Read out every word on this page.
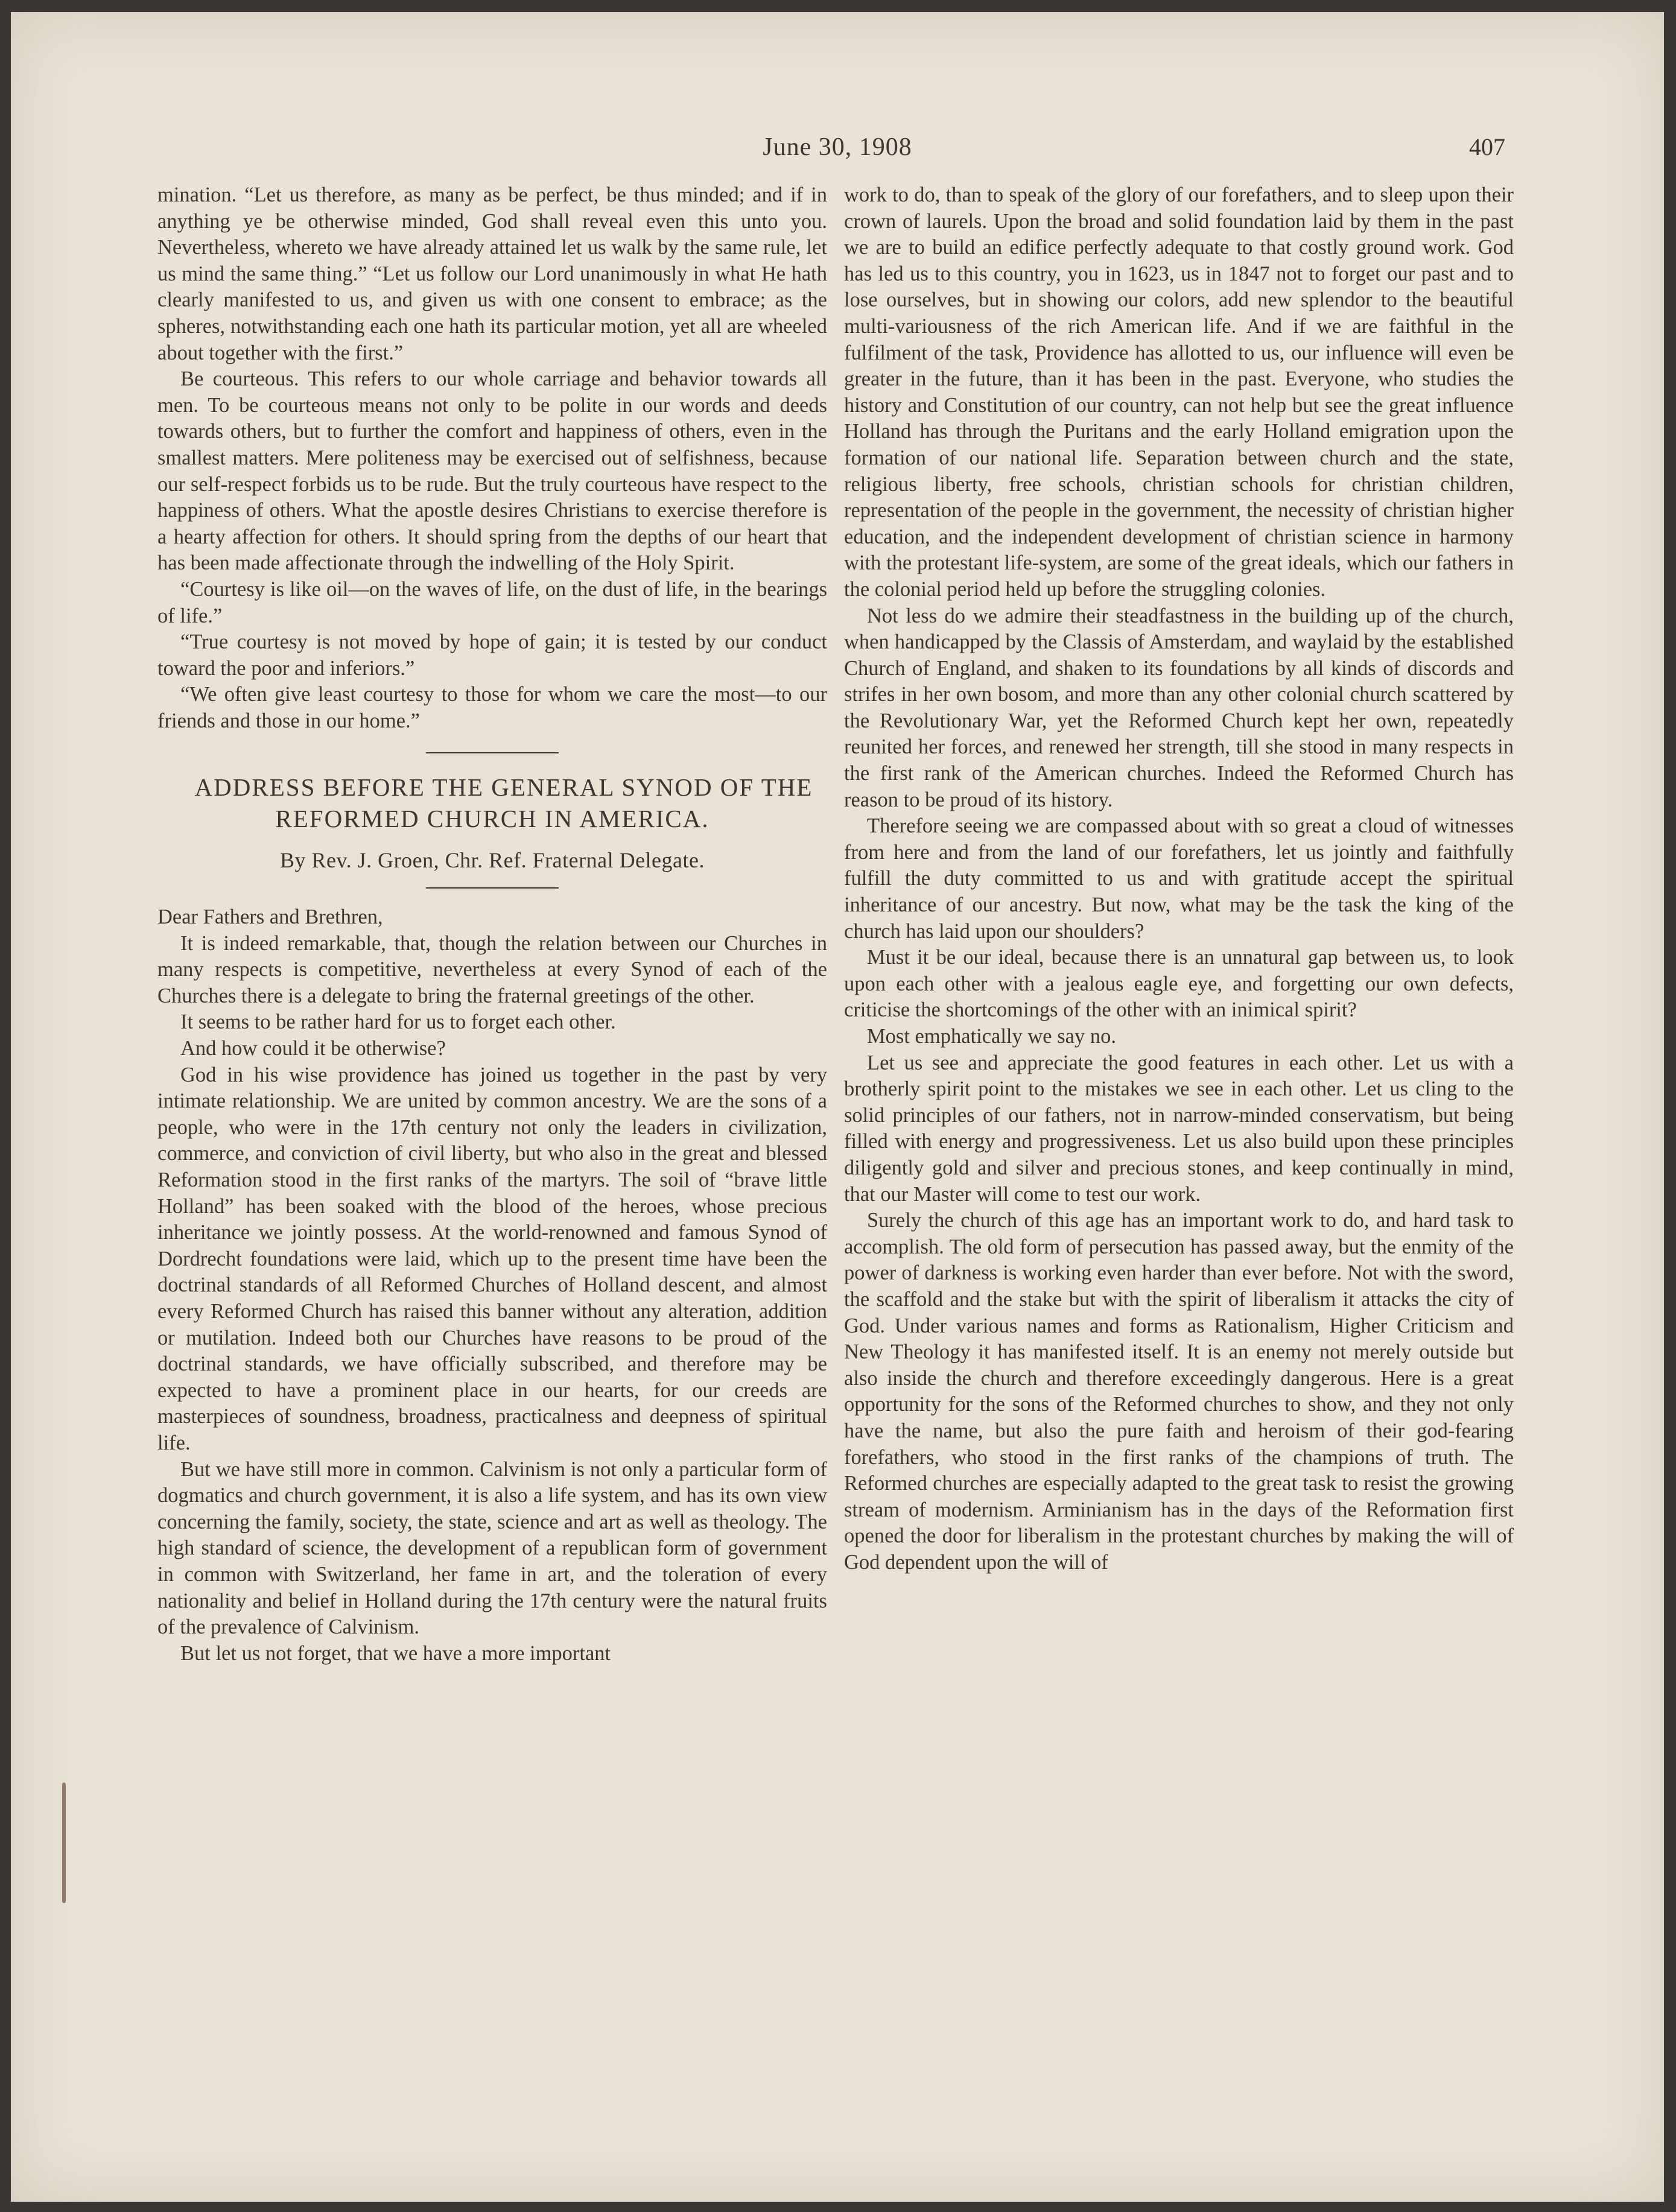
June 30, 1908	407

mination. “Let us therefore, as many as be perfect, be thus minded; and if in anything ye be otherwise minded, God shall reveal even this unto you. Nevertheless, whereto we have already attained let us walk by the same rule, let us mind the same thing.” “Let us follow our Lord unanimously in what He hath clearly manifested to us, and given us with one consent to embrace; as the spheres, notwithstanding each one hath its particular motion, yet all are wheeled about together with the first.”

Be courteous. This refers to our whole carriage and behavior towards all men. To be courteous means not only to be polite in our words and deeds towards others, but to further the comfort and happiness of others, even in the smallest matters. Mere politeness may be exercised out of selfishness, because our self-respect forbids us to be rude. But the truly courteous have respect to the happiness of others. What the apostle desires Christians to exercise therefore is a hearty affection for others. It should spring from the depths of our heart that has been made affectionate through the indwelling of the Holy Spirit.

“Courtesy is like oil—on the waves of life, on the dust of life, in the bearings of life.”

“True courtesy is not moved by hope of gain; it is tested by our conduct toward the poor and inferiors.”

“We often give least courtesy to those for whom we care the most—to our friends and those in our home.”

ADDRESS BEFORE THE GENERAL SYNOD OF THE REFORMED CHURCH IN AMERICA.

By Rev. J. Groen, Chr. Ref. Fraternal Delegate.

Dear Fathers and Brethren,

It is indeed remarkable, that, though the relation between our Churches in many respects is competitive, nevertheless at every Synod of each of the Churches there is a delegate to bring the fraternal greetings of the other.

It seems to be rather hard for us to forget each other.

And how could it be otherwise?

God in his wise providence has joined us together in the past by very intimate relationship. We are united by common ancestry. We are the sons of a people, who were in the 17th century not only the leaders in civilization, commerce, and conviction of civil liberty, but who also in the great and blessed Reformation stood in the first ranks of the martyrs. The soil of “brave little Holland” has been soaked with the blood of the heroes, whose precious inheritance we jointly possess. At the world-renowned and famous Synod of Dordrecht foundations were laid, which up to the present time have been the doctrinal standards of all Reformed Churches of Holland descent, and almost every Reformed Church has raised this banner without any alteration, addition or mutilation. Indeed both our Churches have reasons to be proud of the doctrinal standards, we have officially subscribed, and therefore may be expected to have a prominent place in our hearts, for our creeds are masterpieces of soundness, broadness, practicalness and deepness of spiritual life.

But we have still more in common. Calvinism is not only a particular form of dogmatics and church government, it is also a life system, and has its own view concerning the family, society, the state, science and art as well as theology. The high standard of science, the development of a republican form of government in common with Switzerland, her fame in art, and the toleration of every nationality and belief in Holland during the 17th century were the natural fruits of the prevalence of Calvinism.

But let us not forget, that we have a more important

work to do, than to speak of the glory of our forefathers, and to sleep upon their crown of laurels. Upon the broad and solid foundation laid by them in the past we are to build an edifice perfectly adequate to that costly ground work. God has led us to this country, you in 1623, us in 1847 not to forget our past and to lose ourselves, but in showing our colors, add new splendor to the beautiful multi-variousness of the rich American life. And if we are faithful in the fulfilment of the task, Providence has allotted to us, our influence will even be greater in the future, than it has been in the past. Everyone, who studies the history and Constitution of our country, can not help but see the great influence Holland has through the Puritans and the early Holland emigration upon the formation of our national life. Separation between church and the state, religious liberty, free schools, christian schools for christian children, representation of the people in the government, the necessity of christian higher education, and the independent development of christian science in harmony with the protestant life-system, are some of the great ideals, which our fathers in the colonial period held up before the struggling colonies.

Not less do we admire their steadfastness in the building up of the church, when handicapped by the Classis of Amsterdam, and waylaid by the established Church of England, and shaken to its foundations by all kinds of discords and strifes in her own bosom, and more than any other colonial church scattered by the Revolutionary War, yet the Reformed Church kept her own, repeatedly reunited her forces, and renewed her strength, till she stood in many respects in the first rank of the American churches. Indeed the Reformed Church has reason to be proud of its history.

Therefore seeing we are compassed about with so great a cloud of witnesses from here and from the land of our forefathers, let us jointly and faithfully fulfill the duty committed to us and with gratitude accept the spiritual inheritance of our ancestry. But now, what may be the task the king of the church has laid upon our shoulders?

Must it be our ideal, because there is an unnatural gap between us, to look upon each other with a jealous eagle eye, and forgetting our own defects, criticise the shortcomings of the other with an inimical spirit?

Most emphatically we say no.

Let us see and appreciate the good features in each other. Let us with a brotherly spirit point to the mistakes we see in each other. Let us cling to the solid principles of our fathers, not in narrow-minded conservatism, but being filled with energy and progressiveness. Let us also build upon these principles diligently gold and silver and precious stones, and keep continually in mind, that our Master will come to test our work.

Surely the church of this age has an important work to do, and hard task to accomplish. The old form of persecution has passed away, but the enmity of the power of darkness is working even harder than ever before. Not with the sword, the scaffold and the stake but with the spirit of liberalism it attacks the city of God. Under various names and forms as Rationalism, Higher Criticism and New Theology it has manifested itself. It is an enemy not merely outside but also inside the church and therefore exceedingly dangerous. Here is a great opportunity for the sons of the Reformed churches to show, and they not only have the name, but also the pure faith and heroism of their god-fearing forefathers, who stood in the first ranks of the champions of truth. The Reformed churches are especially adapted to the great task to resist the growing stream of modernism. Arminianism has in the days of the Reformation first opened the door for liberalism in the protestant churches by making the will of God dependent upon the will of
